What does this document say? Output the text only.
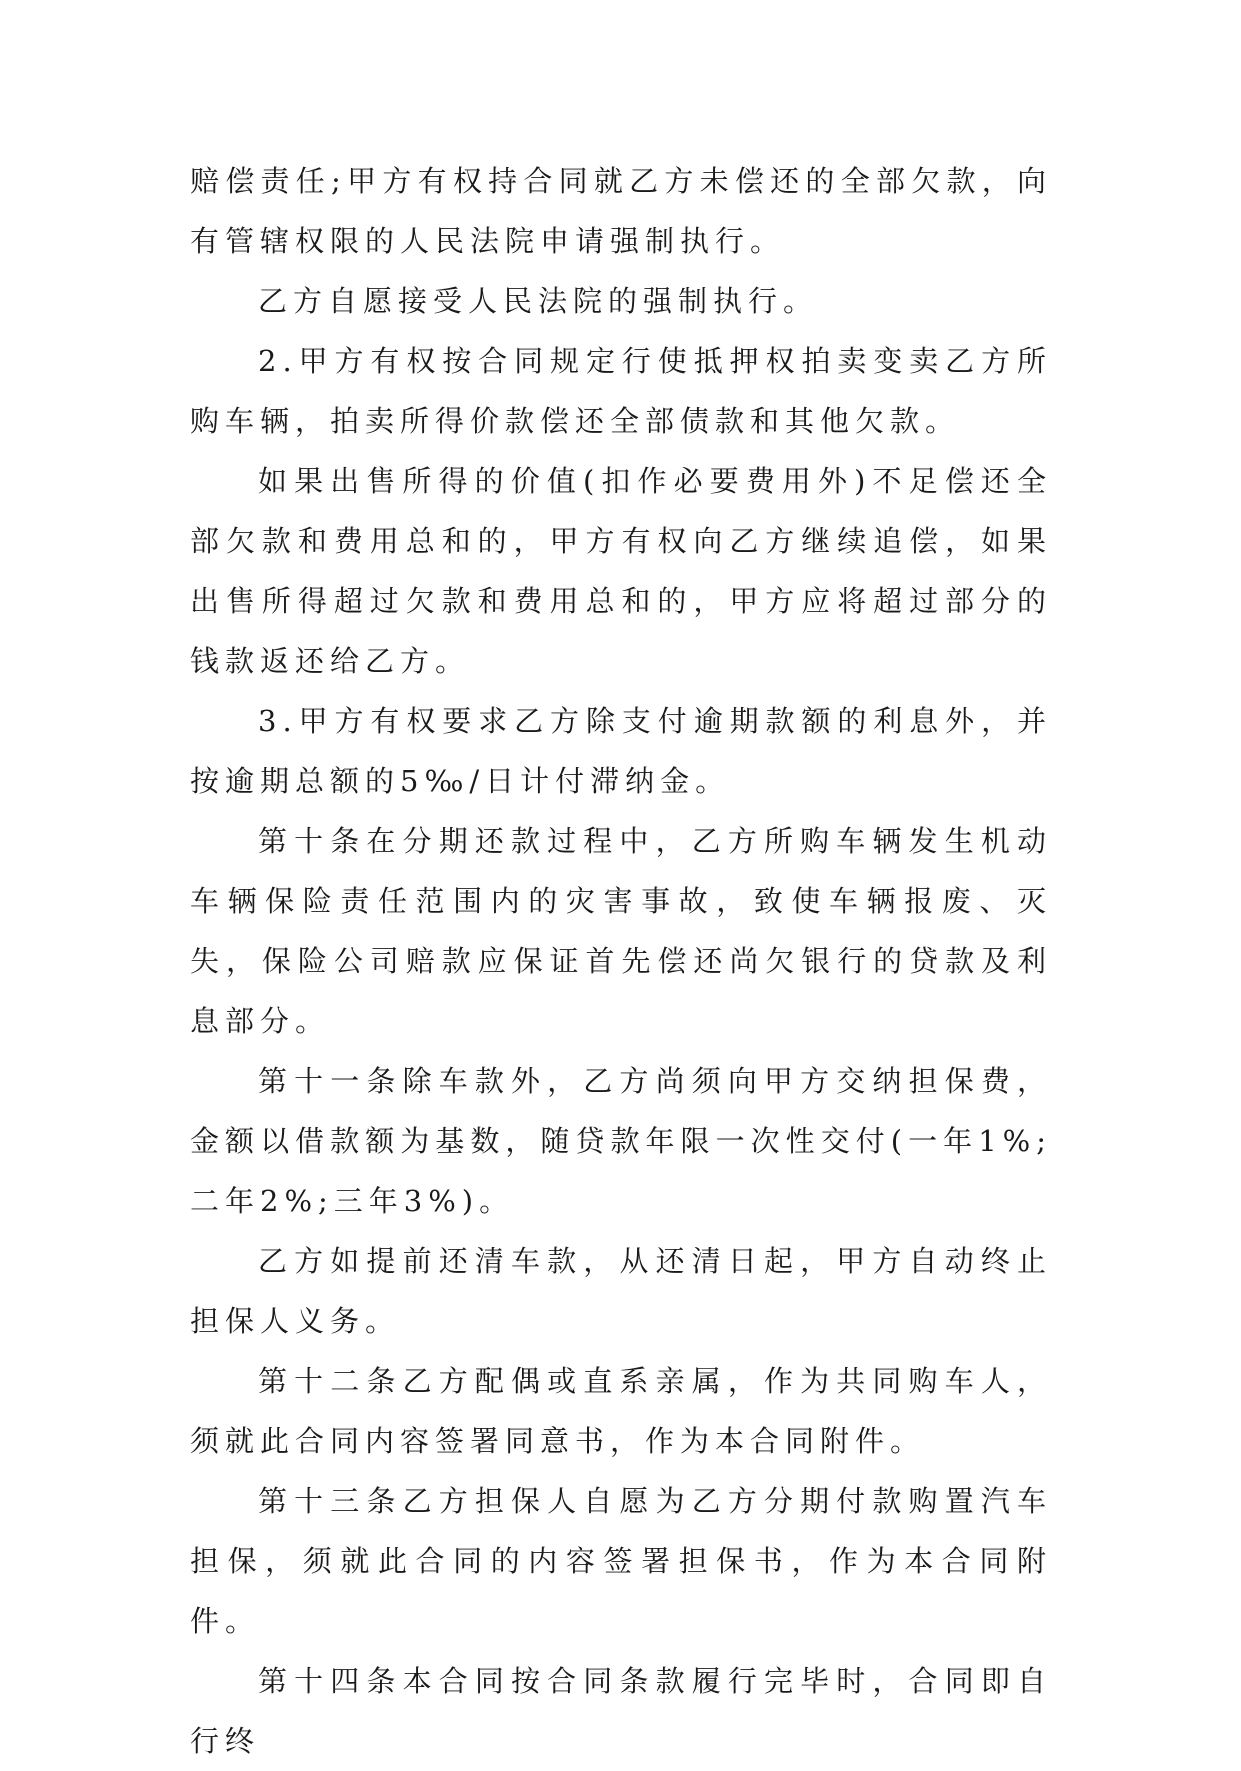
赔偿责任;甲方有权持合同就乙方未偿还的全部欠款，向有管辖权限的人民法院申请强制执行。

乙方自愿接受人民法院的强制执行。

2.甲方有权按合同规定行使抵押权拍卖变卖乙方所购车辆，拍卖所得价款偿还全部债款和其他欠款。

如果出售所得的价值(扣作必要费用外)不足偿还全部欠款和费用总和的，甲方有权向乙方继续追偿，如果出售所得超过欠款和费用总和的，甲方应将超过部分的钱款返还给乙方。

3.甲方有权要求乙方除支付逾期款额的利息外，并按逾期总额的5‰/日计付滞纳金。

第十条在分期还款过程中，乙方所购车辆发生机动车辆保险责任范围内的灾害事故，致使车辆报废、灭失，保险公司赔款应保证首先偿还尚欠银行的贷款及利息部分。

第十一条除车款外，乙方尚须向甲方交纳担保费，金额以借款额为基数，随贷款年限一次性交付(一年1%;二年2%;三年3%)。

乙方如提前还清车款，从还清日起，甲方自动终止担保人义务。

第十二条乙方配偶或直系亲属，作为共同购车人，须就此合同内容签署同意书，作为本合同附件。

第十三条乙方担保人自愿为乙方分期付款购置汽车担保，须就此合同的内容签署担保书，作为本合同附件。

第十四条本合同按合同条款履行完毕时，合同即自行终
